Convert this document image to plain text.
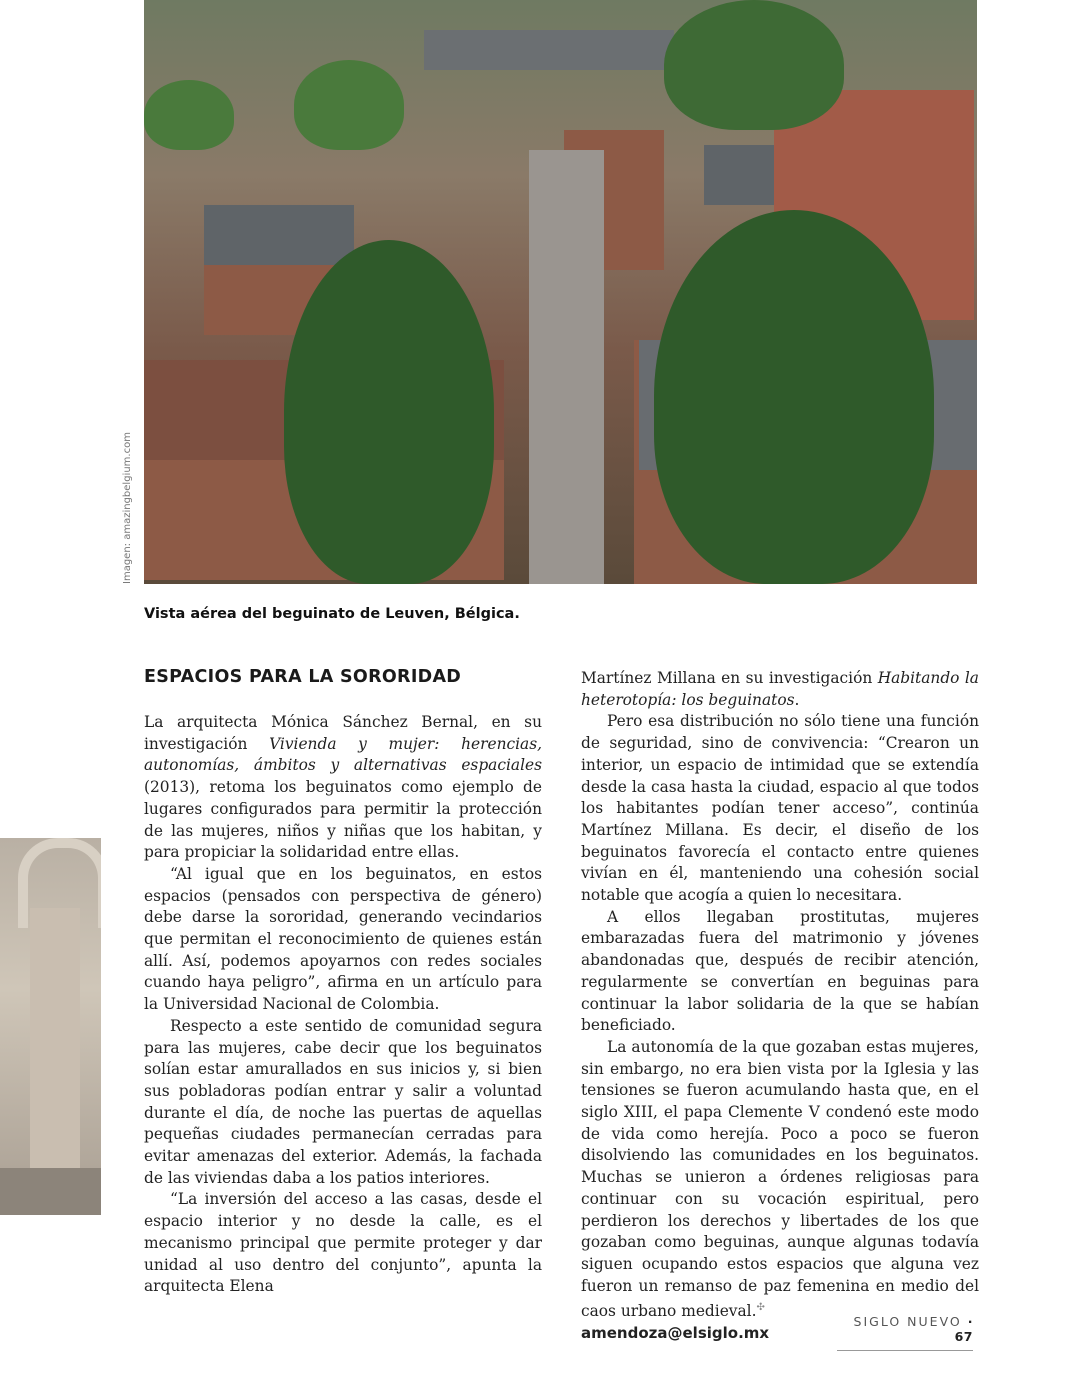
Imagen: amazingbelgium.com
Vista aérea del beguinato de Leuven, Bélgica.
ESPACIOS PARA LA SORORIDAD

La arquitecta Mónica Sánchez Bernal, en su investigación Vivienda y mujer: herencias, autonomías, ámbitos y alternativas espaciales (2013), retoma los beguinatos como ejemplo de lugares configurados para permitir la protección de las mujeres, niños y niñas que los habitan, y para propiciar la solidaridad entre ellas.

“Al igual que en los beguinatos, en estos espacios (pensados con perspectiva de género) debe darse la sororidad, generando vecindarios que permitan el reconocimiento de quienes están allí. Así, podemos apoyarnos con redes sociales cuando haya peligro”, afirma en un artículo para la Universidad Nacional de Colombia.

Respecto a este sentido de comunidad segura para las mujeres, cabe decir que los beguinatos solían estar amurallados en sus inicios y, si bien sus pobladoras podían entrar y salir a voluntad durante el día, de noche las puertas de aquellas pequeñas ciudades permanecían cerradas para evitar amenazas del exterior. Además, la fachada de las viviendas daba a los patios interiores.

“La inversión del acceso a las casas, desde el espacio interior y no desde la calle, es el mecanismo principal que permite proteger y dar unidad al uso dentro del conjunto”, apunta la arquitecta Elena

Martínez Millana en su investigación Habitando la heterotopía: los beguinatos.

Pero esa distribución no sólo tiene una función de seguridad, sino de convivencia: “Crearon un interior, un espacio de intimidad que se extendía desde la casa hasta la ciudad, espacio al que todos los habitantes podían tener acceso”, continúa Martínez Millana. Es decir, el diseño de los beguinatos favorecía el contacto entre quienes vivían en él, manteniendo una cohesión social notable que acogía a quien lo necesitara.

A ellos llegaban prostitutas, mujeres embarazadas fuera del matrimonio y jóvenes abandonadas que, después de recibir atención, regularmente se convertían en beguinas para continuar la labor solidaria de la que se habían beneficiado.

La autonomía de la que gozaban estas mujeres, sin embargo, no era bien vista por la Iglesia y las tensiones se fueron acumulando hasta que, en el siglo XIII, el papa Clemente V condenó este modo de vida como herejía. Poco a poco se fueron disolviendo las comunidades en los beguinatos. Muchas se unieron a órdenes religiosas para continuar con su vocación espiritual, pero perdieron los derechos y libertades de los que gozaban como beguinas, aunque algunas todavía siguen ocupando estos espacios que alguna vez fueron un remanso de paz femenina en medio del caos urbano medieval.✣

amendoza@elsiglo.mx

SIGLO NUEVO · 67
